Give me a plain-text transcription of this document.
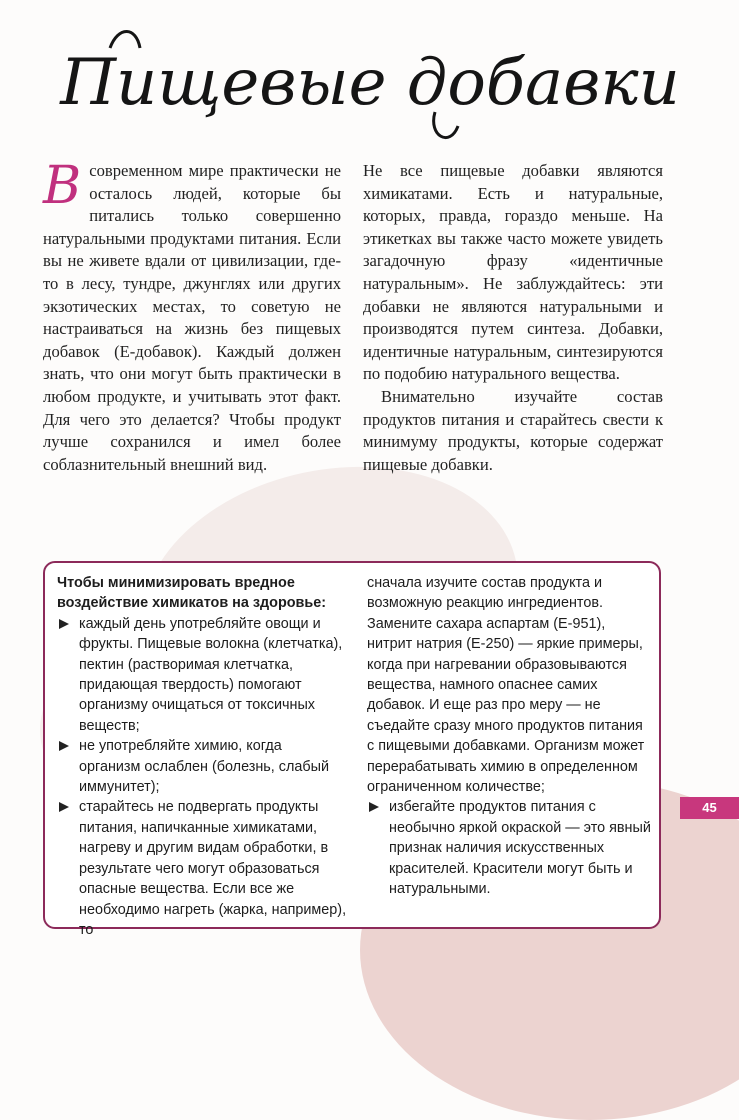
Пищевые добавки
В современном мире практически не осталось людей, которые бы питались только совершенно натуральными продуктами питания. Если вы не живете вдали от цивилизации, где-то в лесу, тундре, джунглях или других экзотических местах, то советую не настраиваться на жизнь без пищевых добавок (Е-добавок). Каждый должен знать, что они могут быть практически в любом продукте, и учитывать этот факт. Для чего это делается? Чтобы продукт лучше сохранился и имел более соблазнительный внешний вид.

Не все пищевые добавки являются химикатами. Есть и натуральные, которых, правда, гораздо меньше. На этикетках вы также часто можете увидеть загадочную фразу «идентичные натуральным». Не заблуждайтесь: эти добавки не являются натуральными и производятся путем синтеза. Добавки, идентичные натуральным, синтезируются по подобию натурального вещества.

Внимательно изучайте состав продуктов питания и старайтесь свести к минимуму продукты, которые содержат пищевые добавки.

Чтобы минимизировать вредное воздействие химикатов на здоровье:

каждый день употребляйте овощи и фрукты. Пищевые волокна (клетчатка), пектин (растворимая клетчатка, придающая твердость) помогают организму очищаться от токсичных веществ;
не употребляйте химию, когда организм ослаблен (болезнь, слабый иммунитет);
старайтесь не подвергать продукты питания, напичканные химикатами, нагреву и другим видам обработки, в результате чего могут образоваться опасные вещества. Если все же необходимо нагреть (жарка, например), то

сначала изучите состав продукта и возможную реакцию ингредиентов. Замените сахара аспартам (Е-951), нитрит натрия (Е-250) — яркие примеры, когда при нагревании образовываются вещества, намного опаснее самих добавок. И еще раз про меру — не съедайте сразу много продуктов питания с пищевыми добавками. Организм может перерабатывать химию в определенном ограниченном количестве;

избегайте продуктов питания с необычно яркой окраской — это явный признак наличия искусственных красителей. Красители могут быть и натуральными.
45
